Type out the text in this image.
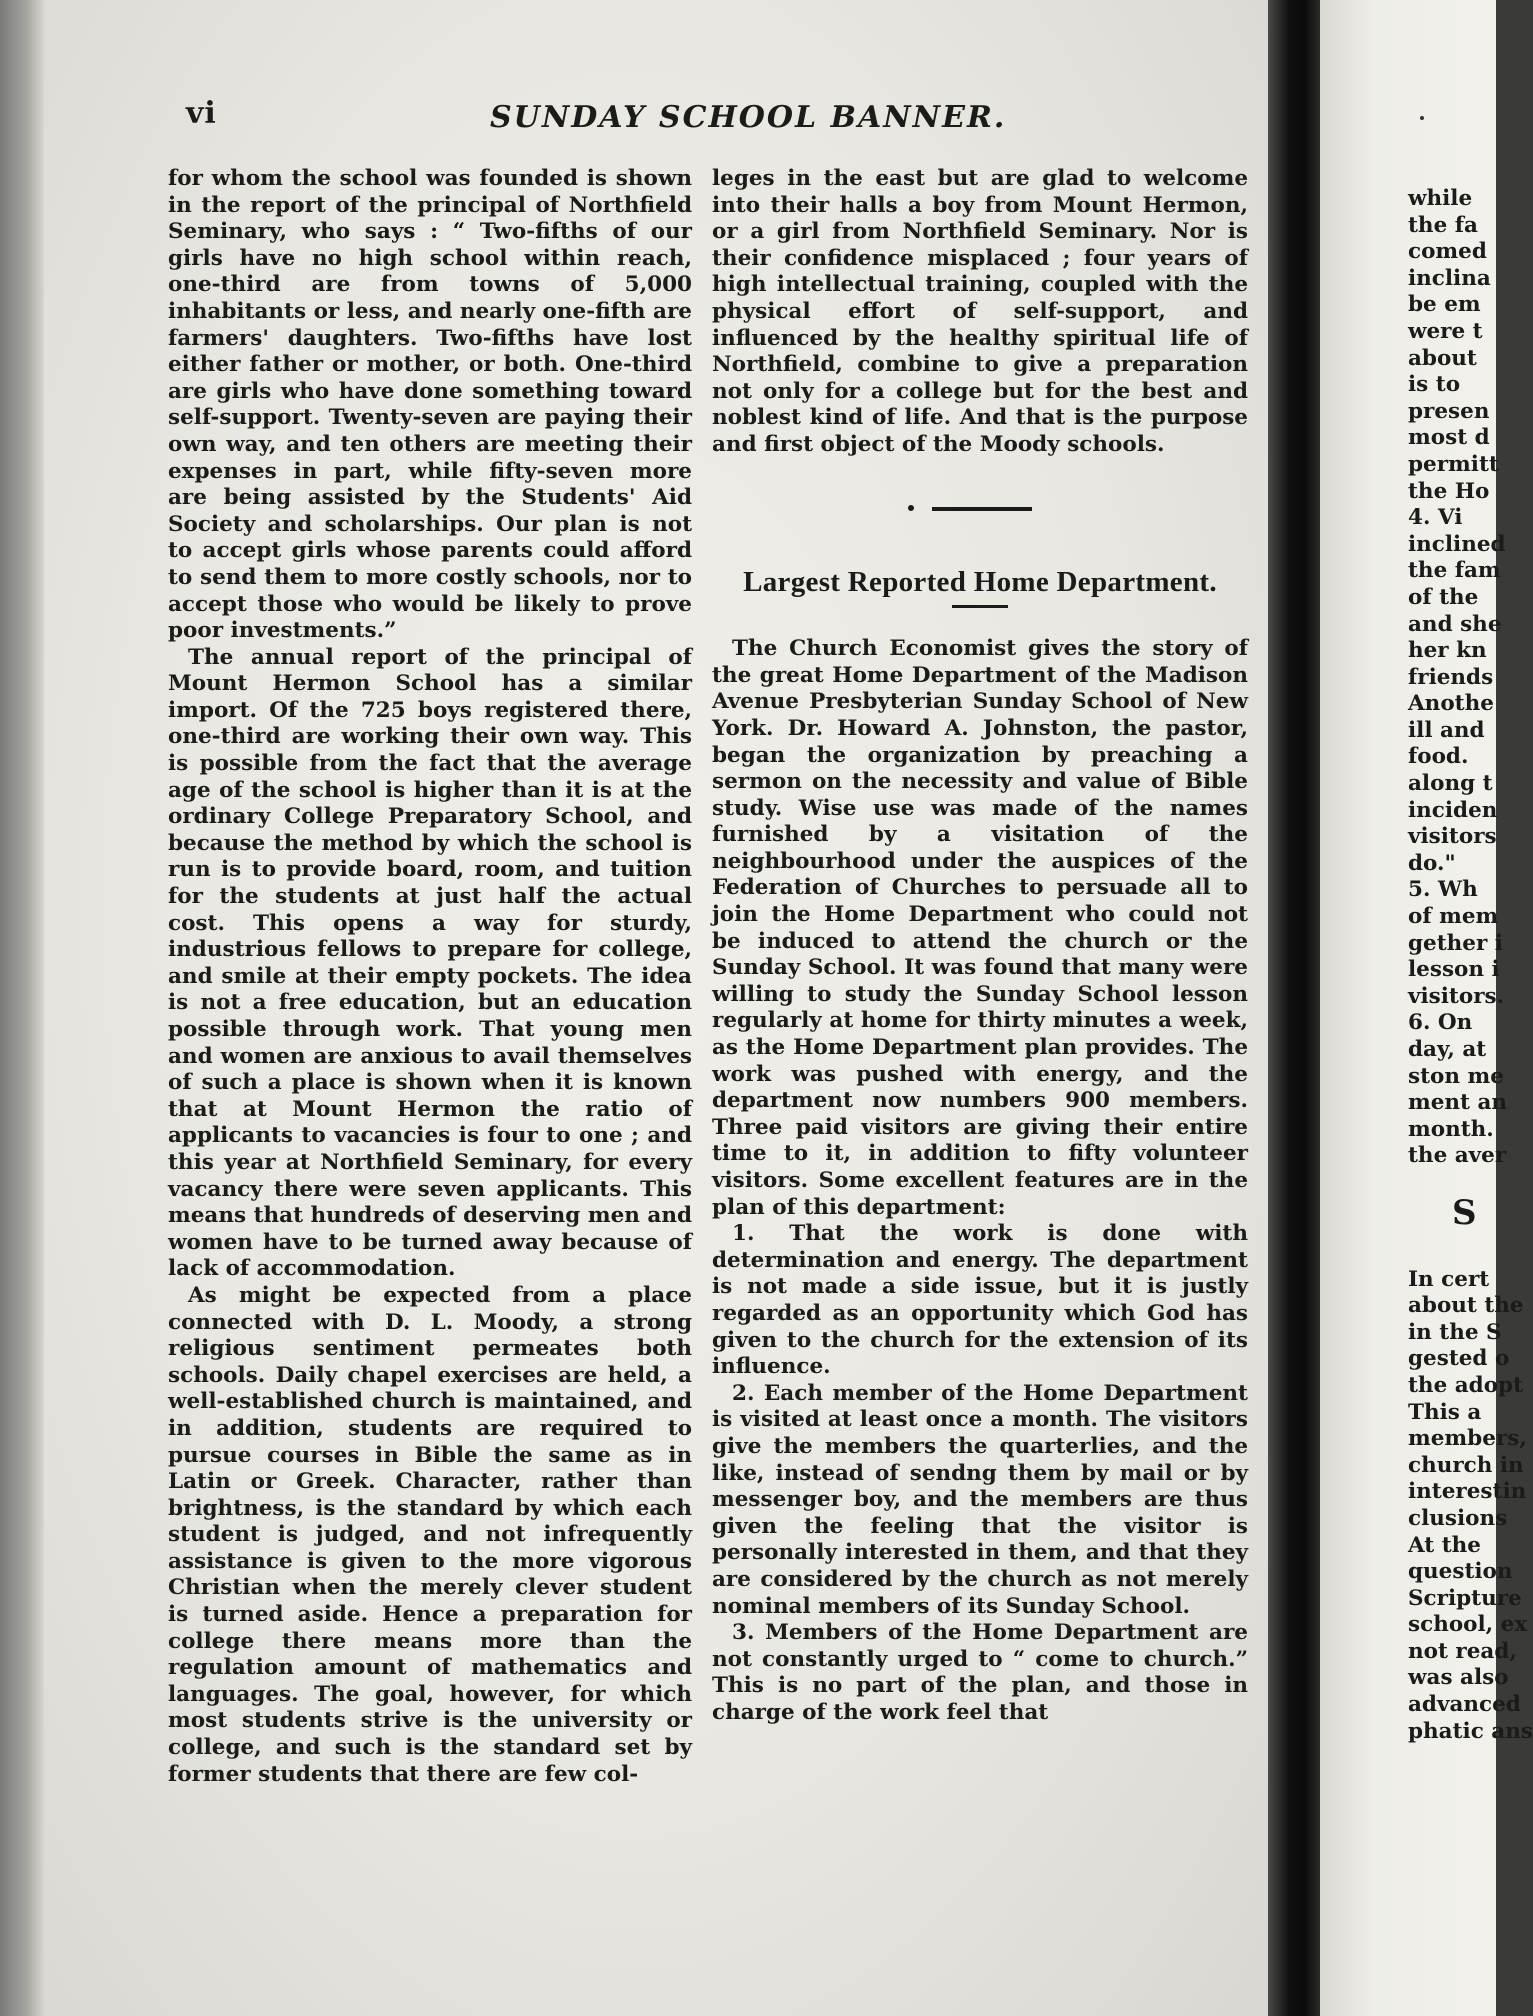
vi	SUNDAY SCHOOL BANNER.

for whom the school was founded is shown in the report of the principal of Northfield Seminary, who says : “ Two-fifths of our girls have no high school within reach, one-third are from towns of 5,000 inhabitants or less, and nearly one-fifth are farmers' daughters. Two-fifths have lost either father or mother, or both. One-third are girls who have done something toward self-support. Twenty-seven are paying their own way, and ten others are meeting their expenses in part, while fifty-seven more are being assisted by the Students' Aid Society and scholarships. Our plan is not to accept girls whose parents could afford to send them to more costly schools, nor to accept those who would be likely to prove poor investments.”

The annual report of the principal of Mount Hermon School has a similar import. Of the 725 boys registered there, one-third are working their own way. This is possible from the fact that the average age of the school is higher than it is at the ordinary College Preparatory School, and because the method by which the school is run is to provide board, room, and tuition for the students at just half the actual cost. This opens a way for sturdy, industrious fellows to prepare for college, and smile at their empty pockets. The idea is not a free education, but an education possible through work. That young men and women are anxious to avail themselves of such a place is shown when it is known that at Mount Hermon the ratio of applicants to vacancies is four to one ; and this year at Northfield Seminary, for every vacancy there were seven applicants. This means that hundreds of deserving men and women have to be turned away because of lack of accommodation.

As might be expected from a place connected with D. L. Moody, a strong religious sentiment permeates both schools. Daily chapel exercises are held, a well-established church is maintained, and in addition, students are required to pursue courses in Bible the same as in Latin or Greek. Character, rather than brightness, is the standard by which each student is judged, and not infrequently assistance is given to the more vigorous Christian when the merely clever student is turned aside. Hence a preparation for college there means more than the regulation amount of mathematics and languages. The goal, however, for which most students strive is the university or college, and such is the standard set by former students that there are few col-

leges in the east but are glad to welcome into their halls a boy from Mount Hermon, or a girl from Northfield Seminary. Nor is their confidence misplaced ; four years of high intellectual training, coupled with the physical effort of self-support, and influenced by the healthy spiritual life of Northfield, combine to give a preparation not only for a college but for the best and noblest kind of life. And that is the purpose and first object of the Moody schools.

Largest Reported Home Department.

The Church Economist gives the story of the great Home Department of the Madison Avenue Presbyterian Sunday School of New York. Dr. Howard A. Johnston, the pastor, began the organization by preaching a sermon on the necessity and value of Bible study. Wise use was made of the names furnished by a visitation of the neighbourhood under the auspices of the Federation of Churches to persuade all to join the Home Department who could not be induced to attend the church or the Sunday School. It was found that many were willing to study the Sunday School lesson regularly at home for thirty minutes a week, as the Home Department plan provides. The work was pushed with energy, and the department now numbers 900 members. Three paid visitors are giving their entire time to it, in addition to fifty volunteer visitors. Some excellent features are in the plan of this department:

1. That the work is done with determination and energy. The department is not made a side issue, but it is justly regarded as an opportunity which God has given to the church for the extension of its influence.

2. Each member of the Home Department is visited at least once a month. The visitors give the members the quarterlies, and the like, instead of sendng them by mail or by messenger boy, and the members are thus given the feeling that the visitor is personally interested in them, and that they are considered by the church as not merely nominal members of its Sunday School.

3. Members of the Home Department are not constantly urged to “ come to church.” This is no part of the plan, and those in charge of the work feel that

while
the fa
comed
inclina
be em
were t
about
is to
presen
most d
permitt
the Ho
4. Vi
inclined
the fam
of the
and she
her kn
friends
Anothe
ill and
food.
along t
inciden
visitors
do."
5. Wh
of mem
gether i
lesson i
visitors.
6. On
day, at
ston me
ment an
month.
the aver
S
In cert
about the
in the S
gested o
the adopt
This a
members,
church in
interestin
clusions
At the
question
Scripture
school, ex
not read,
was also
advanced
phatic ans
